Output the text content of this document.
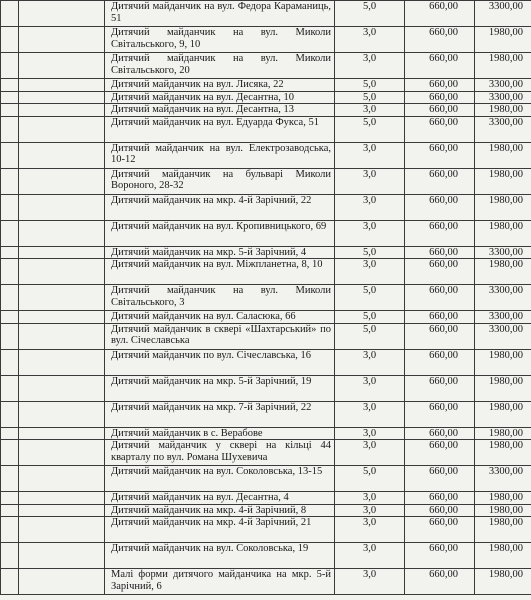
		Дитячий майданчик на вул. Федора Караманиць, 51	5,0	660,00	3300,00
		Дитячий майданчик на вул. Миколи Світальського, 9, 10	3,0	660,00	1980,00
		Дитячий майданчик на вул. Миколи Світальського, 20	3,0	660,00	1980,00
		Дитячий майданчик на вул. Лисяка, 22	5,0	660,00	3300,00
		Дитячий майданчик на вул. Десантна, 10	5,0	660,00	3300,00
		Дитячий майданчик на вул. Десантна, 13	3,0	660,00	1980,00
		Дитячий майданчик на вул. Едуарда Фукса, 51	5,0	660,00	3300,00
		Дитячий майданчик на вул. Електрозаводська, 10-12	3,0	660,00	1980,00
		Дитячий майданчик на бульварі Миколи Вороного, 28-32	3,0	660,00	1980,00
		Дитячий майданчик на мкр. 4-й Зарічний, 22	3,0	660,00	1980,00
		Дитячий майданчик на вул. Кропивницького, 69	3,0	660,00	1980,00
		Дитячий майданчик на мкр. 5-й Зарічний, 4	5,0	660,00	3300,00
		Дитячий майданчик на вул. Міжпланетна, 8, 10	3,0	660,00	1980,00
		Дитячий майданчик на вул. Миколи Світальського, 3	5,0	660,00	3300,00
		Дитячий майданчик на вул. Саласюка, 66	5,0	660,00	3300,00
		Дитячий майданчик в сквері «Шахтарський» по вул. Січеславська	5,0	660,00	3300,00
		Дитячий майданчик по вул. Січеславська, 16	3,0	660,00	1980,00
		Дитячий майданчик на мкр. 5-й Зарічний, 19	3,0	660,00	1980,00
		Дитячий майданчик на мкр. 7-й Зарічний, 22	3,0	660,00	1980,00
		Дитячий майданчик в с. Верабове	3,0	660,00	1980,00
		Дитячий майданчик у сквері на кільці 44 кварталу по вул. Романа Шухевича	3,0	660,00	1980,00
		Дитячий майданчик на вул. Соколовська, 13-15	5,0	660,00	3300,00
		Дитячий майданчик на вул. Десантна, 4	3,0	660,00	1980,00
		Дитячий майданчик на мкр. 4-й Зарічний, 8	3,0	660,00	1980,00
		Дитячий майданчик на мкр. 4-й Зарічний, 21	3,0	660,00	1980,00
		Дитячий майданчик на вул. Соколовська, 19	3,0	660,00	1980,00
		Малі форми дитячого майданчика на мкр. 5-й Зарічний, 6	3,0	660,00	1980,00
